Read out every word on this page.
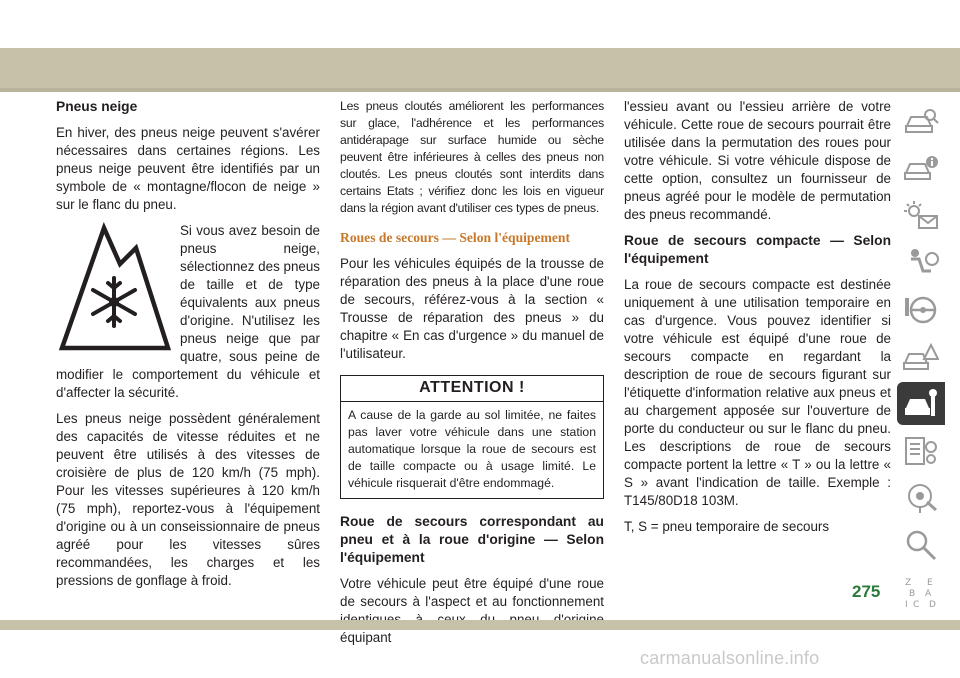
Pneus neige

En hiver, des pneus neige peuvent s'avérer nécessaires dans certaines régions. Les pneus neige peuvent être identifiés par un symbole de « montagne/flocon de neige » sur le flanc du pneu.

Si vous avez besoin de pneus neige, sélectionnez des pneus de taille et de type équivalents aux pneus d'origine. N'utilisez les pneus neige que par quatre, sous peine de modifier le comportement du véhicule et d'affecter la sécurité.

Les pneus neige possèdent généralement des capacités de vitesse réduites et ne peuvent être utilisés à des vitesses de croisière de plus de 120 km/h (75 mph). Pour les vitesses supérieures à 120 km/h (75 mph), reportez-vous à l'équipement d'origine ou à un conseissionnaire de pneus agréé pour les vitesses sûres recommandées, les charges et les pressions de gonflage à froid.

Les pneus cloutés améliorent les performances sur glace, l'adhérence et les performances antidérapage sur surface humide ou sèche peuvent être inférieures à celles des pneus non cloutés. Les pneus cloutés sont interdits dans certains Etats ; vérifiez donc les lois en vigueur dans la région avant d'utiliser ces types de pneus.

Roues de secours — Selon l'équipement

Pour les véhicules équipés de la trousse de réparation des pneus à la place d'une roue de secours, référez-vous à la section « Trousse de réparation des pneus » du chapitre « En cas d'urgence » du manuel de l'utilisateur.

ATTENTION !
A cause de la garde au sol limitée, ne faites pas laver votre véhicule dans une station automatique lorsque la roue de secours est de taille compacte ou à usage limité. Le véhicule risquerait d'être endommagé.
Roue de secours correspondant au pneu et à la roue d'origine — Selon l'équipement

Votre véhicule peut être équipé d'une roue de secours à l'aspect et au fonctionnement équipant

l'essieu avant ou l'essieu arrière de votre véhicule. Cette roue de secours pourrait être utilisée dans la permutation des roues pour votre véhicule. Si votre véhicule dispose de cette option, consultez un fournisseur de pneus agréé pour le modèle de permutation des pneus recommandé.

Roue de secours compacte — Selon l'équipement

La roue de secours compacte est destinée uniquement à une utilisation temporaire en cas d'urgence. Vous pouvez identifier si votre véhicule est équipé d'une roue de secours compacte en regardant la description de roue de secours figurant sur l'étiquette d'information relative aux pneus et au chargement apposée sur l'ouverture de porte du conducteur ou sur le flanc du pneu. Les descriptions de roue de secours compacte portent la lettre « T » ou la lettre « S » avant l'indication de taille. Exemple : T145/80D18 103M.

T, S = pneu temporaire de secours

Z E
B A
I C D
275
carmanualsonline.info
